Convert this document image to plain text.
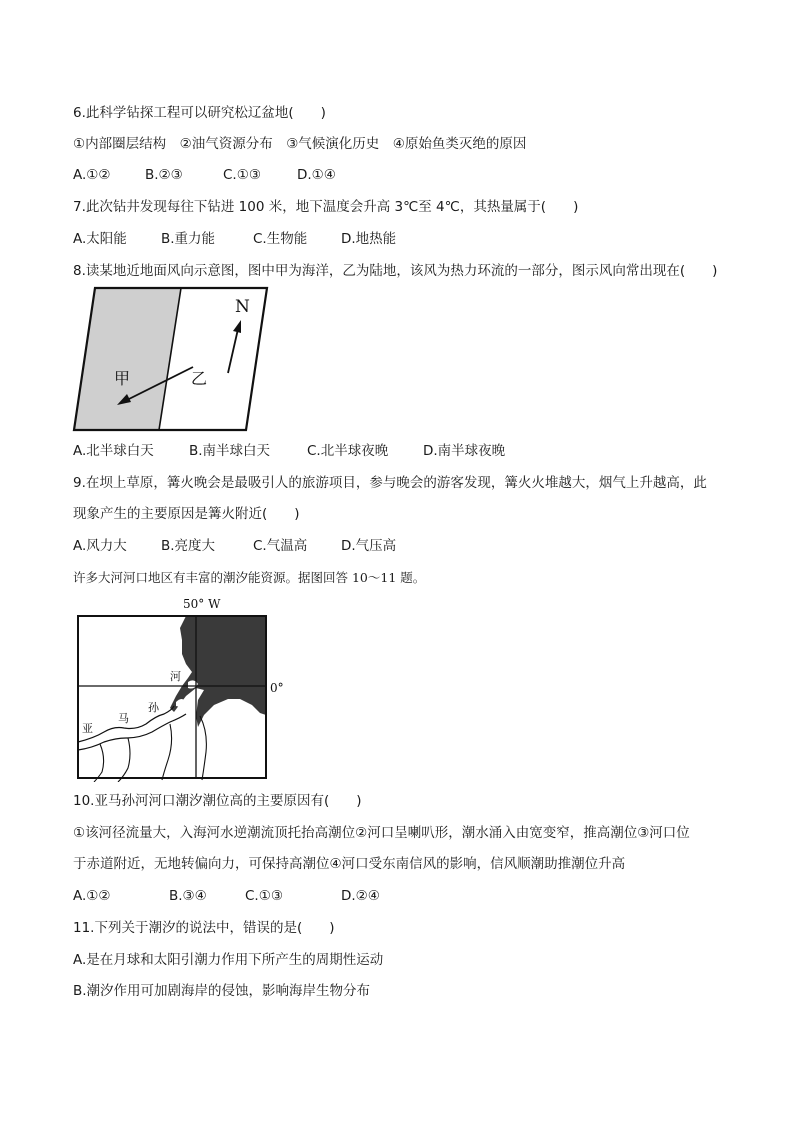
6.此科学钻探工程可以研究松辽盆地(　　)
①内部圈层结构　②油气资源分布　③气候演化历史　④原始鱼类灭绝的原因
A.①②	B.②③	C.①③	D.①④
7.此次钻井发现每往下钻进 100 米，地下温度会升高 3℃至 4℃，其热量属于(　　)
A.太阳能	B.重力能	C.生物能	D.地热能
8.读某地近地面风向示意图，图中甲为海洋，乙为陆地，该风为热力环流的一部分，图示风向常出现在(　　)
甲	乙
N
A.北半球白天	B.南半球白天	C.北半球夜晚	D.南半球夜晚
9.在坝上草原，篝火晚会是最吸引人的旅游项目，参与晚会的游客发现，篝火火堆越大，烟气上升越高，此
现象产生的主要原因是篝火附近(　　)
A.风力大	B.亮度大	C.气温高	D.气压高
许多大河河口地区有丰富的潮汐能资源。据图回答 10～11 题。
50° W
0°
亚
马
孙
河
10.亚马孙河河口潮汐潮位高的主要原因有(　　)
①该河径流量大，入海河水逆潮流顶托抬高潮位②河口呈喇叭形，潮水涌入由宽变窄，推高潮位③河口位
于赤道附近，无地转偏向力，可保持高潮位④河口受东南信风的影响，信风顺潮助推潮位升高
A.①②	B.③④	C.①③	D.②④
11.下列关于潮汐的说法中，错误的是(　　)
A.是在月球和太阳引潮力作用下所产生的周期性运动
B.潮汐作用可加剧海岸的侵蚀，影响海岸生物分布
